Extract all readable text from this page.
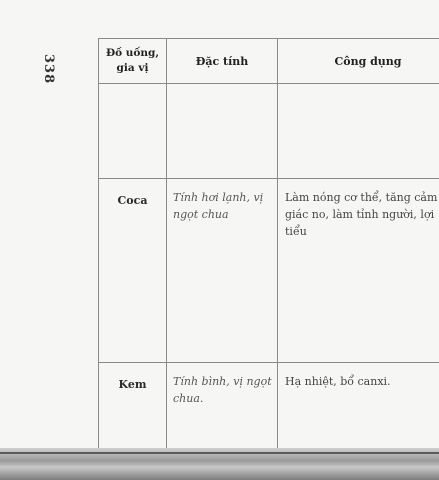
338
Đồ uống, gia vị	Đặc tính	Công dụng

Coca	Tính hơi lạnh, vị ngọt chua	Làm nóng cơ thể, tăng cảm giác no, làm tỉnh người, lợi tiểu
Kem	Tính bình, vị ngọt chua.	Hạ nhiệt, bổ canxi.
